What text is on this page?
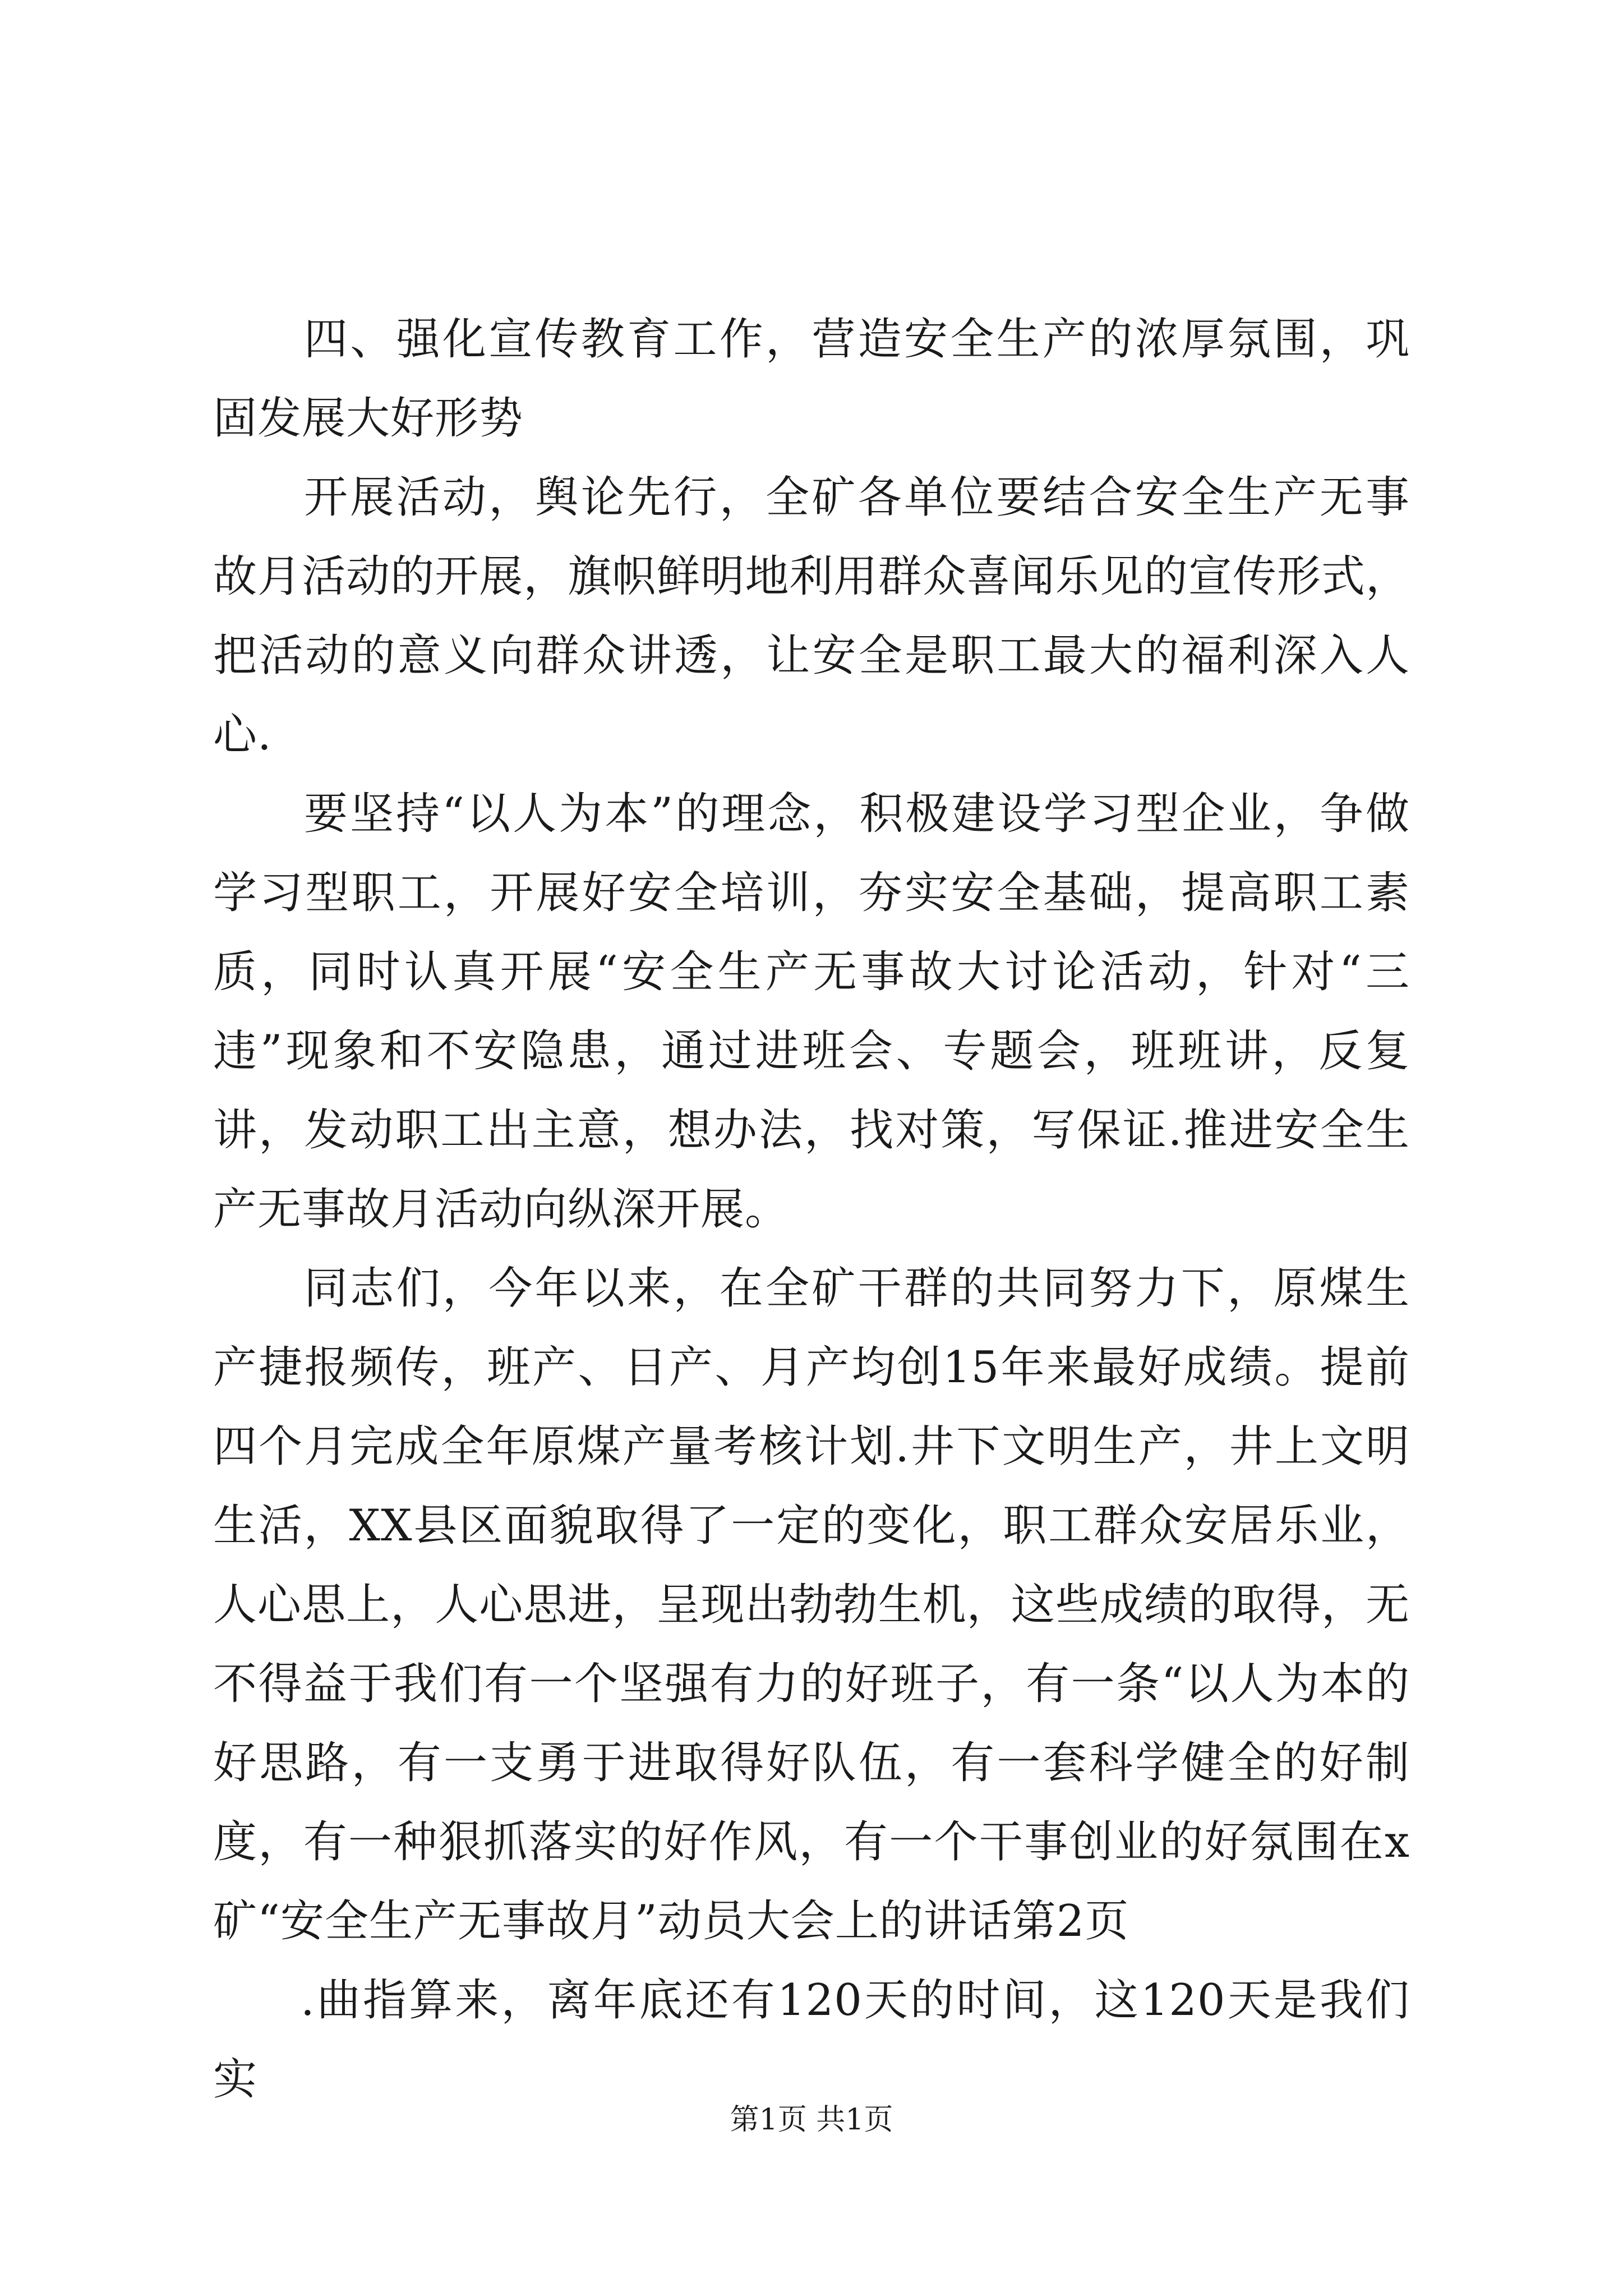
四、强化宣传教育工作，营造安全生产的浓厚氛围，巩固发展大好形势

开展活动，舆论先行，全矿各单位要结合安全生产无事故月活动的开展，旗帜鲜明地利用群众喜闻乐见的宣传形式，把活动的意义向群众讲透，让安全是职工最大的福利深入人心.

要坚持“以人为本”的理念，积极建设学习型企业，争做学习型职工，开展好安全培训，夯实安全基础，提高职工素质，同时认真开展“安全生产无事故大讨论活动，针对“三违”现象和不安隐患，通过进班会、专题会，班班讲，反复讲，发动职工出主意，想办法，找对策，写保证.推进安全生产无事故月活动向纵深开展。

同志们，今年以来，在全矿干群的共同努力下，原煤生产捷报频传，班产、日产、月产均创15年来最好成绩。提前四个月完成全年原煤产量考核计划.井下文明生产，井上文明生活，XX县区面貌取得了一定的变化，职工群众安居乐业，人心思上，人心思进，呈现出勃勃生机，这些成绩的取得，无不得益于我们有一个坚强有力的好班子，有一条“以人为本的好思路，有一支勇于进取得好队伍，有一套科学健全的好制度，有一种狠抓落实的好作风，有一个干事创业的好氛围在x矿“安全生产无事故月”动员大会上的讲话第2页

.曲指算来，离年底还有120天的时间，这120天是我们实

第1页 共1页
